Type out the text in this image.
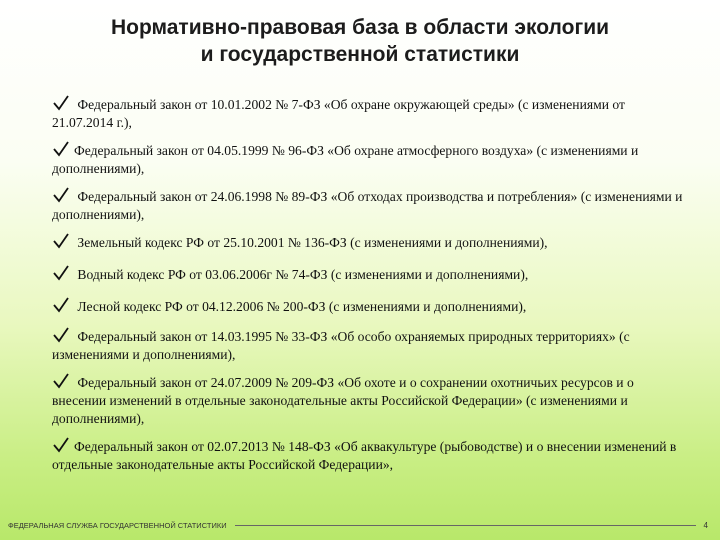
Нормативно-правовая база в области экологии
и государственной статистики

Федеральный закон от 10.01.2002 № 7-ФЗ «Об охране окружающей среды» (с изменениями от 21.07.2014 г.),

Федеральный закон от 04.05.1999 № 96-ФЗ «Об охране атмосферного воздуха» (с изменениями и дополнениями),

Федеральный закон от 24.06.1998 № 89-ФЗ «Об отходах производства и потребления» (с изменениями и дополнениями),

Земельный кодекс РФ от 25.10.2001 № 136-ФЗ (с изменениями и дополнениями),

Водный кодекс РФ от 03.06.2006г № 74-ФЗ (с изменениями и дополнениями),

Лесной кодекс РФ от 04.12.2006 № 200-ФЗ (с изменениями и дополнениями),

Федеральный закон от 14.03.1995 № 33-ФЗ «Об особо охраняемых природных территориях» (с изменениями и дополнениями),

Федеральный закон от 24.07.2009 № 209-ФЗ «Об охоте и о сохранении охотничьих ресурсов и о внесении изменений в отдельные законодательные акты Российской Федерации» (с изменениями и дополнениями),

Федеральный закон от 02.07.2013 № 148-ФЗ «Об аквакультуре (рыбоводстве) и о внесении изменений в отдельные законодательные акты Российской Федерации»,

ФЕДЕРАЛЬНАЯ СЛУЖБА ГОСУДАРСТВЕННОЙ СТАТИСТИКИ	4
